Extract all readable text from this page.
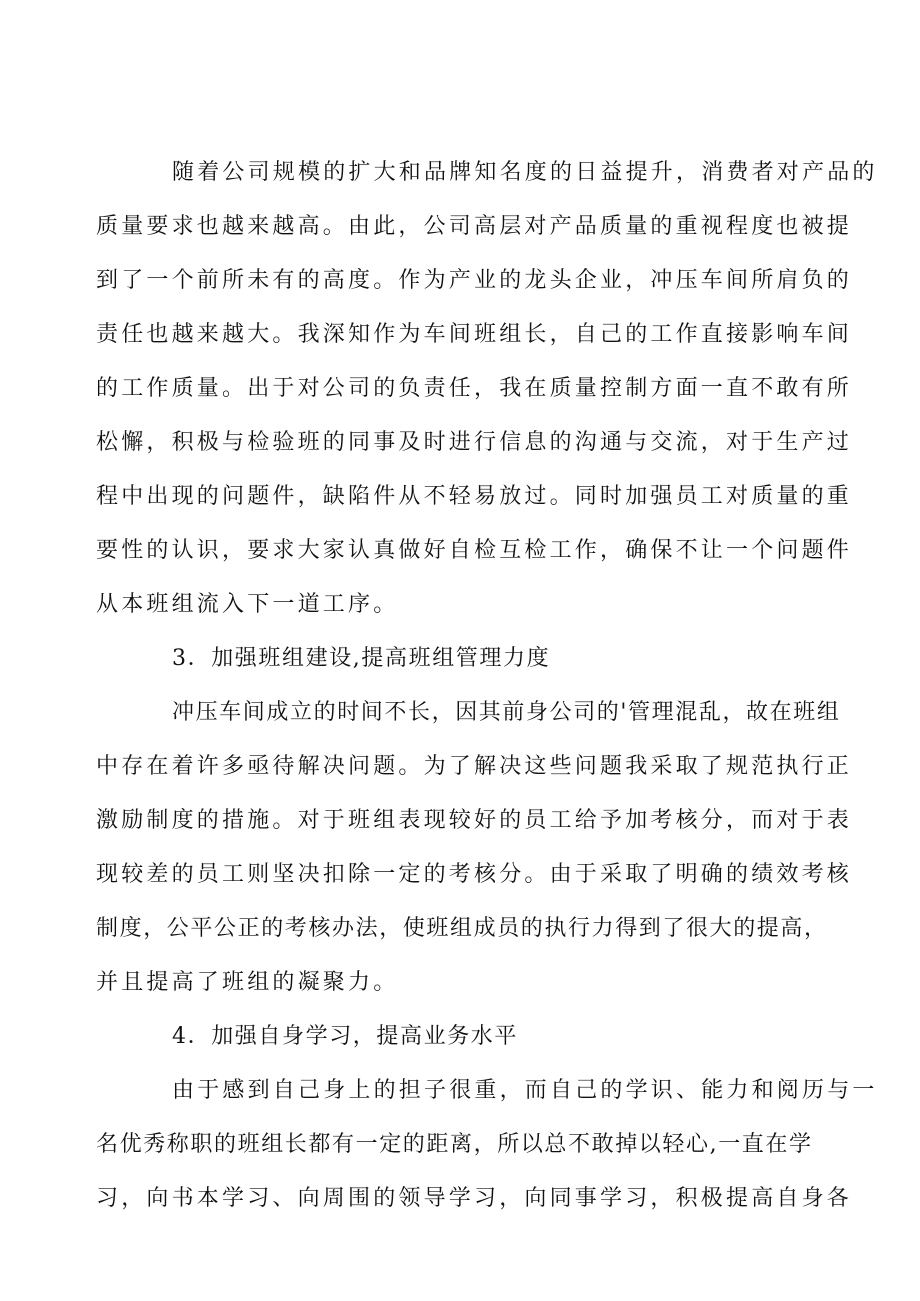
随着公司规模的扩大和品牌知名度的日益提升，消费者对产品的
质量要求也越来越高。由此，公司高层对产品质量的重视程度也被提
到了一个前所未有的高度。作为产业的龙头企业，冲压车间所肩负的
责任也越来越大。我深知作为车间班组长，自己的工作直接影响车间
的工作质量。出于对公司的负责任，我在质量控制方面一直不敢有所
松懈，积极与检验班的同事及时进行信息的沟通与交流，对于生产过
程中出现的问题件，缺陷件从不轻易放过。同时加强员工对质量的重
要性的认识，要求大家认真做好自检互检工作，确保不让一个问题件
从本班组流入下一道工序。
3．加强班组建设,提高班组管理力度
冲压车间成立的时间不长，因其前身公司的'管理混乱，故在班组
中存在着许多亟待解决问题。为了解决这些问题我采取了规范执行正
激励制度的措施。对于班组表现较好的员工给予加考核分，而对于表
现较差的员工则坚决扣除一定的考核分。由于采取了明确的绩效考核
制度，公平公正的考核办法，使班组成员的执行力得到了很大的提高，
并且提高了班组的凝聚力。
4．加强自身学习，提高业务水平
由于感到自己身上的担子很重，而自己的学识、能力和阅历与一
名优秀称职的班组长都有一定的距离，所以总不敢掉以轻心,一直在学
习，向书本学习、向周围的领导学习，向同事学习，积极提高自身各
